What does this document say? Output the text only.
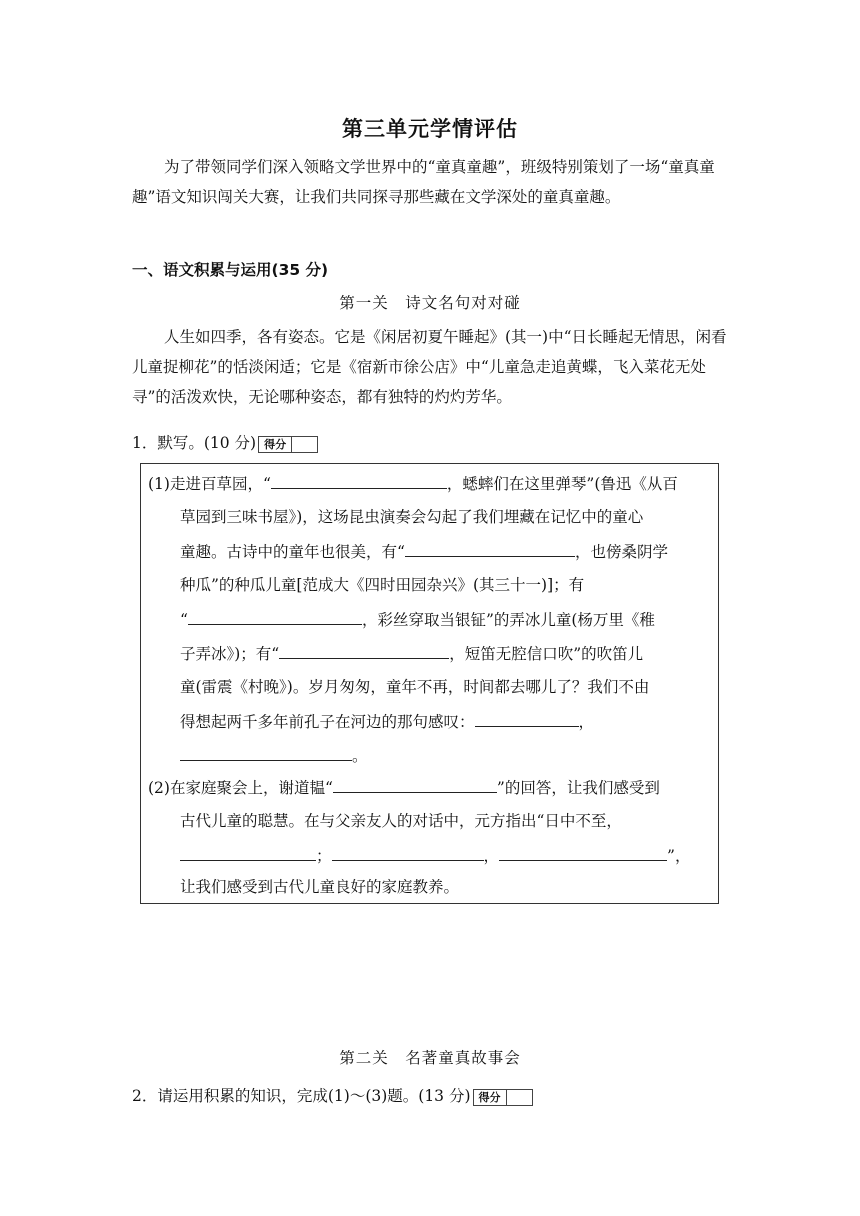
第三单元学情评估
为了带领同学们深入领略文学世界中的“童真童趣”，班级特别策划了一场“童真童趣”语文知识闯关大赛，让我们共同探寻那些藏在文学深处的童真童趣。
一、语文积累与运用(35 分)
第一关　诗文名句对对碰
人生如四季，各有姿态。它是《闲居初夏午睡起》(其一)中“日长睡起无情思，闲看儿童捉柳花”的恬淡闲适；它是《宿新市徐公店》中“儿童急走追黄蝶，飞入菜花无处寻”的活泼欢快，无论哪种姿态，都有独特的灼灼芳华。
1．默写。(10 分) 得分
(1)走进百草园，“	，蟋蟀们在这里弹琴”(鲁迅《从百
草园到三味书屋》)，这场昆虫演奏会勾起了我们埋藏在记忆中的童心
童趣。古诗中的童年也很美，有“	，也傍桑阴学
种瓜”的种瓜儿童[范成大《四时田园杂兴》(其三十一)]；有
“	，彩丝穿取当银钲”的弄冰儿童(杨万里《稚
子弄冰》)；有“	，短笛无腔信口吹”的吹笛儿
童(雷震《村晚》)。岁月匆匆，童年不再，时间都去哪儿了？我们不由
得想起两千多年前孔子在河边的那句感叹：	，
。
(2)在家庭聚会上，谢道韫“	”的回答，让我们感受到
古代儿童的聪慧。在与父亲友人的对话中，元方指出“日中不至，
；	，	”，
让我们感受到古代儿童良好的家庭教养。
第二关　名著童真故事会
2．请运用积累的知识，完成(1)～(3)题。(13 分) 得分
